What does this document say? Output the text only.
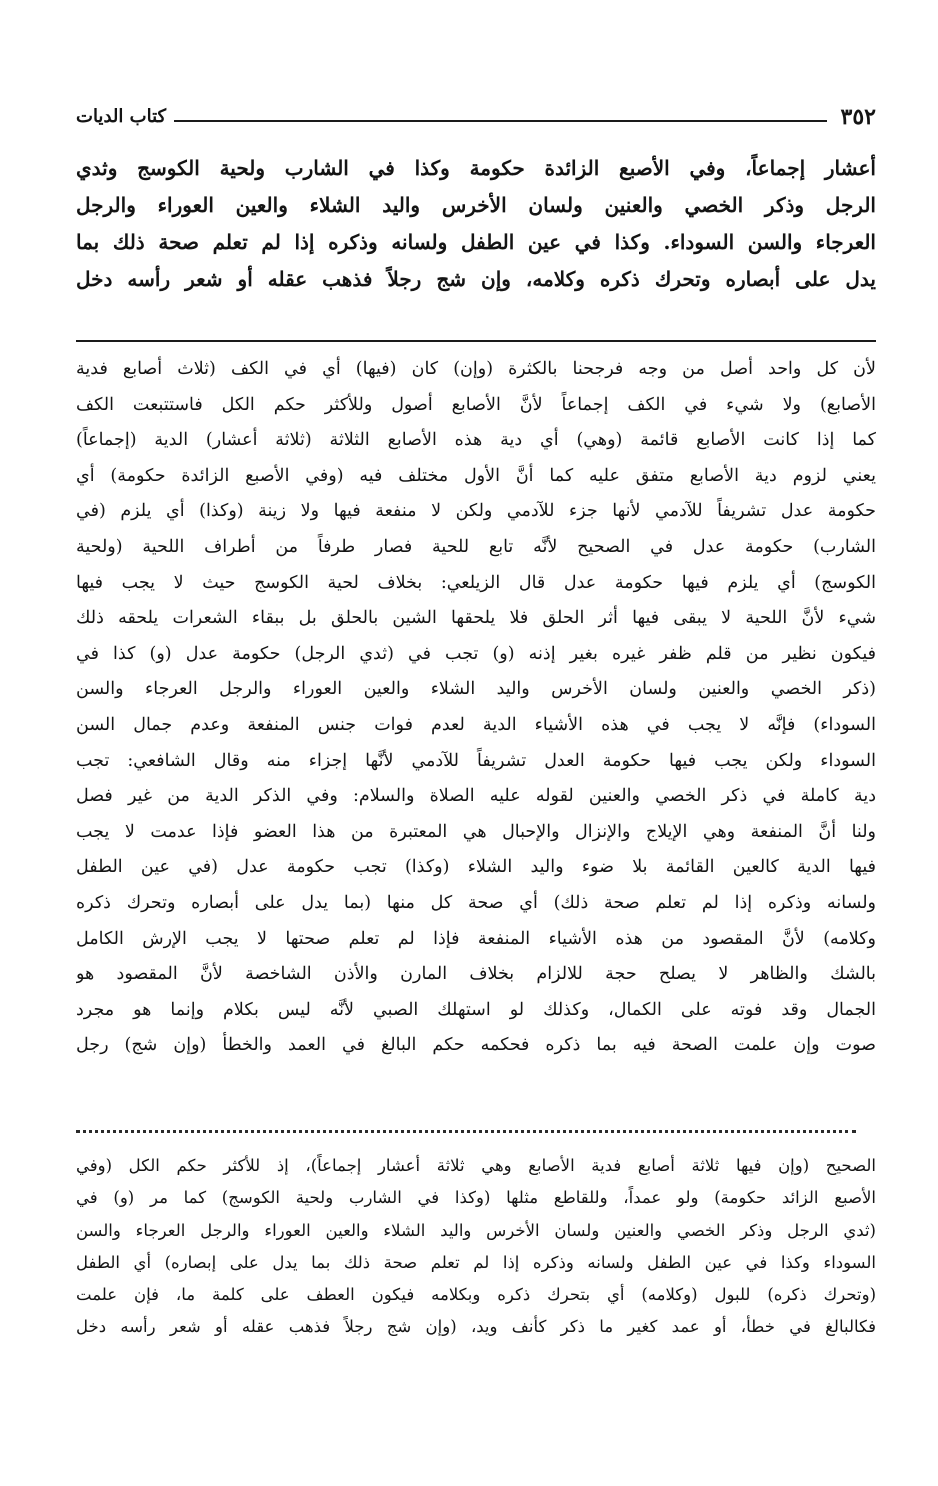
٣٥٢
كتاب الديات
أعشار إجماعاً، وفي الأصبع الزائدة حكومة وكذا في الشارب ولحية الكوسج وثدي
الرجل وذكر الخصي والعنين ولسان الأخرس واليد الشلاء والعين العوراء والرجل
العرجاء والسن السوداء. وكذا في عين الطفل ولسانه وذكره إذا لم تعلم صحة ذلك بما
يدل على أبصاره وتحرك ذكره وكلامه، وإن شج رجلاً فذهب عقله أو شعر رأسه دخل
لأن كل واحد أصل من وجه فرجحنا بالكثرة (وإن) كان (فيها) أي في الكف (ثلاث أصابع فدية
الأصابع) ولا شيء في الكف إجماعاً لأنَّ الأصابع أصول وللأكثر حكم الكل فاستتبعت الكف
كما إذا كانت الأصابع قائمة (وهي) أي دية هذه الأصابع الثلاثة (ثلاثة أعشار) الدية (إجماعاً)
يعني لزوم دية الأصابع متفق عليه كما أنَّ الأول مختلف فيه (وفي الأصبع الزائدة حكومة) أي
حكومة عدل تشريفاً للآدمي لأنها جزء للآدمي ولكن لا منفعة فيها ولا زينة (وكذا) أي يلزم (في
الشارب) حكومة عدل في الصحيح لأنَّه تابع للحية فصار طرفاً من أطراف اللحية (ولحية
الكوسج) أي يلزم فيها حكومة عدل قال الزيلعي: بخلاف لحية الكوسج حيث لا يجب فيها
شيء لأنَّ اللحية لا يبقى فيها أثر الحلق فلا يلحقها الشين بالحلق بل ببقاء الشعرات يلحقه ذلك
فيكون نظير من قلم ظفر غيره بغير إذنه (و) تجب في (ثدي الرجل) حكومة عدل (و) كذا في
(ذكر الخصي والعنين ولسان الأخرس واليد الشلاء والعين العوراء والرجل العرجاء والسن
السوداء) فإنَّه لا يجب في هذه الأشياء الدية لعدم فوات جنس المنفعة وعدم جمال السن
السوداء ولكن يجب فيها حكومة العدل تشريفاً للآدمي لأنَّها إجزاء منه وقال الشافعي: تجب
دية كاملة في ذكر الخصي والعنين لقوله عليه الصلاة والسلام: وفي الذكر الدية من غير فصل
ولنا أنَّ المنفعة وهي الإيلاج والإنزال والإحبال هي المعتبرة من هذا العضو فإذا عدمت لا يجب
فيها الدية كالعين القائمة بلا ضوء واليد الشلاء (وكذا) تجب حكومة عدل (في عين الطفل
ولسانه وذكره إذا لم تعلم صحة ذلك) أي صحة كل منها (بما يدل على أبصاره وتحرك ذكره
وكلامه) لأنَّ المقصود من هذه الأشياء المنفعة فإذا لم تعلم صحتها لا يجب الإرش الكامل
بالشك والظاهر لا يصلح حجة للالزام بخلاف المارن والأذن الشاخصة لأنَّ المقصود هو
الجمال وقد فوته على الكمال، وكذلك لو استهلك الصبي لأنَّه ليس بكلام وإنما هو مجرد
صوت وإن علمت الصحة فيه بما ذكره فحكمه حكم البالغ في العمد والخطأ (وإن شج) رجل
الصحيح (وإن فيها ثلاثة أصابع فدية الأصابع وهي ثلاثة أعشار إجماعاً)، إذ للأكثر حكم الكل (وفي
الأصبع الزائد حكومة) ولو عمداً، وللقاطع مثلها (وكذا في الشارب ولحية الكوسج) كما مر (و) في
(ثدي الرجل وذكر الخصي والعنين ولسان الأخرس واليد الشلاء والعين العوراء والرجل العرجاء والسن
السوداء وكذا في عين الطفل ولسانه وذكره إذا لم تعلم صحة ذلك بما يدل على إبصاره) أي الطفل
(وتحرك ذكره) للبول (وكلامه) أي بتحرك ذكره وبكلامه فيكون العطف على كلمة ما، فإن علمت
فكالبالغ في خطأ، أو عمد كغير ما ذكر كأنف ويد، (وإن شج رجلاً فذهب عقله أو شعر رأسه دخل
